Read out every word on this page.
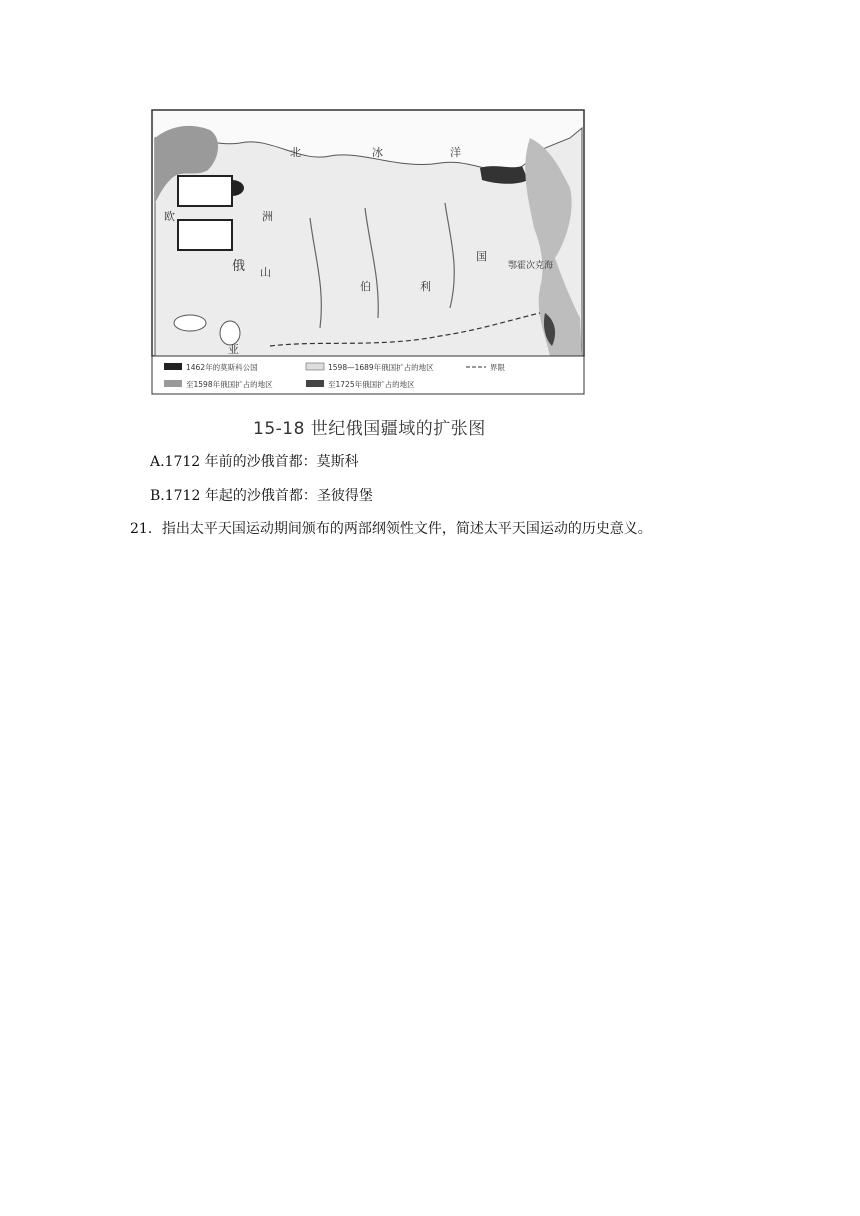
北	冰	洋
欧	洲
俄
伯	利
亚
山
国
鄂霍次克海
1462年的莫斯科公国	1598—1689年俄国扩占的地区	界限
至1598年俄国扩占的地区	至1725年俄国扩占的地区
15-18 世纪俄国疆域的扩张图
A.1712 年前的沙俄首都：莫斯科
B.1712 年起的沙俄首都：圣彼得堡
21．指出太平天国运动期间颁布的两部纲领性文件，简述太平天国运动的历史意义。
